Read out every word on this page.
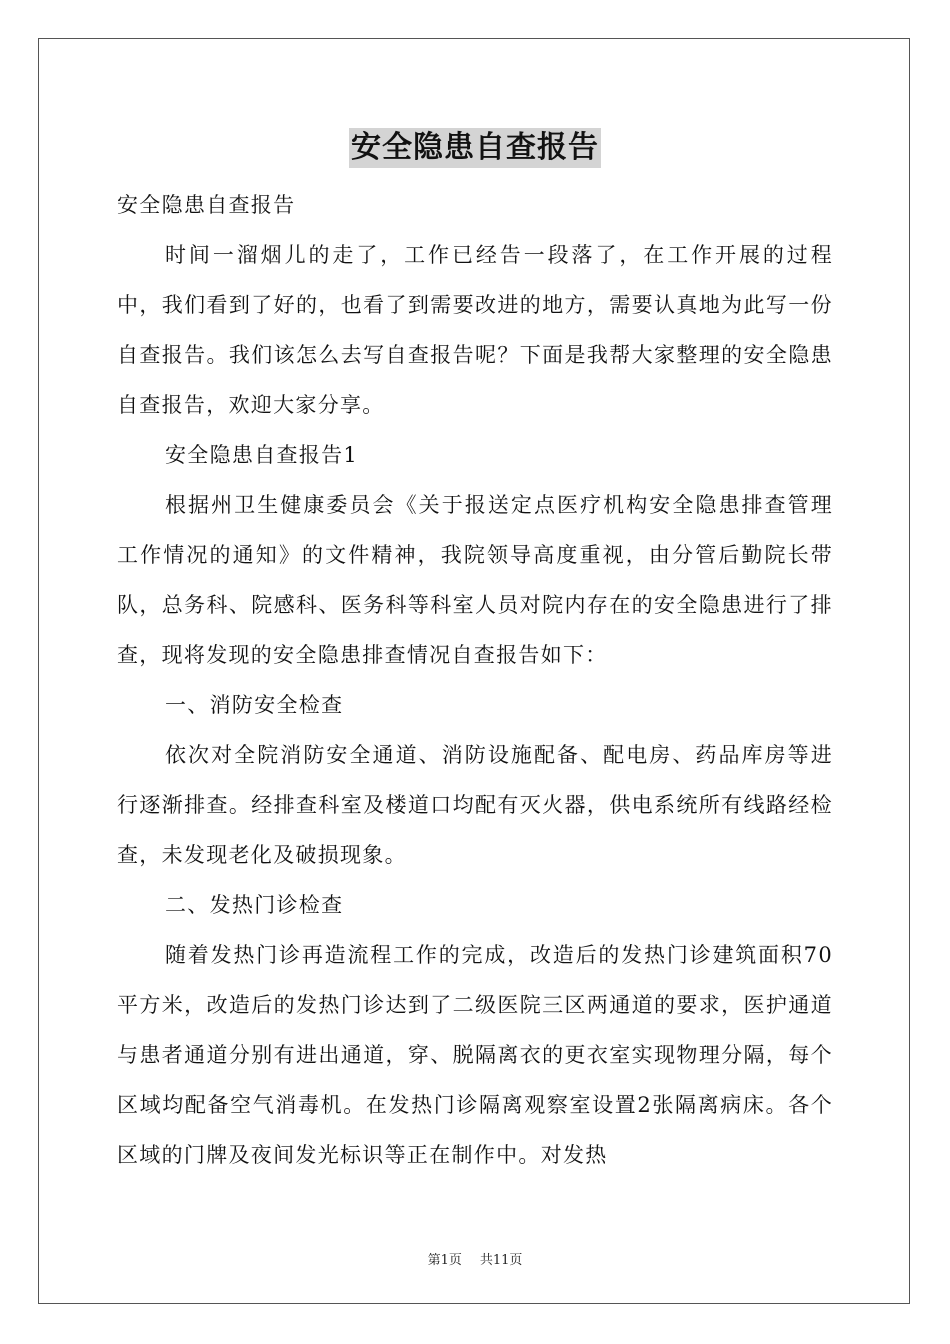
安全隐患自查报告

安全隐患自查报告

时间一溜烟儿的走了，工作已经告一段落了，在工作开展的过程中，我们看到了好的，也看了到需要改进的地方，需要认真地为此写一份自查报告。我们该怎么去写自查报告呢？下面是我帮大家整理的安全隐患自查报告，欢迎大家分享。

安全隐患自查报告1

根据州卫生健康委员会《关于报送定点医疗机构安全隐患排查管理工作情况的通知》的文件精神，我院领导高度重视，由分管后勤院长带队，总务科、院感科、医务科等科室人员对院内存在的安全隐患进行了排查，现将发现的安全隐患排查情况自查报告如下：

一、消防安全检查

依次对全院消防安全通道、消防设施配备、配电房、药品库房等进行逐渐排查。经排查科室及楼道口均配有灭火器，供电系统所有线路经检查，未发现老化及破损现象。

二、发热门诊检查

随着发热门诊再造流程工作的完成，改造后的发热门诊建筑面积70平方米，改造后的发热门诊达到了二级医院三区两通道的要求，医护通道与患者通道分别有进出通道，穿、脱隔离衣的更衣室实现物理分隔，每个区域均配备空气消毒机。在发热门诊隔离观察室设置2张隔离病床。各个区域的门牌及夜间发光标识等正在制作中。对发热

第1页 共11页
